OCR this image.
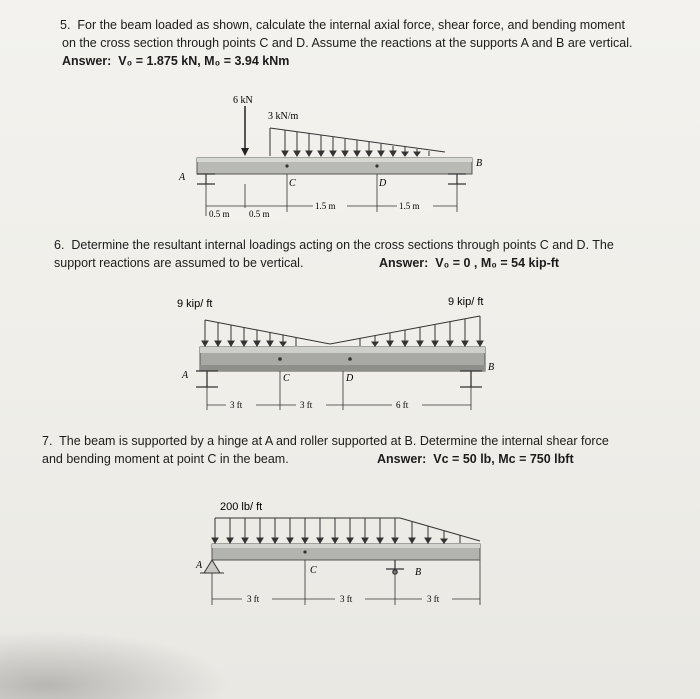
5. For the beam loaded as shown, calculate the internal axial force, shear force, and bending moment
on the cross section through points C and D. Assume the reactions at the supports A and B are vertical.
Answer: V₀ = 1.875 kN, M₀ = 3.94 kNm
6 kN
3 kN/m
A
B
C	D
0.5 m 0.5 m
1.5 m	1.5 m
6. Determine the resultant internal loadings acting on the cross sections through points C and D. The
support reactions are assumed to be vertical.	Answer: V₀ = 0 , M₀ = 54 kip-ft
9 kip/ ft	9 kip/ ft
A
B
C	D
3 ft	3 ft	6 ft
7. The beam is supported by a hinge at A and roller supported at B. Determine the internal shear force
and bending moment at point C in the beam.	Answer: Vᴄ = 50 lb, Mᴄ = 750 lbft
200 lb/ ft
A
B
C
3 ft	3 ft	3 ft
